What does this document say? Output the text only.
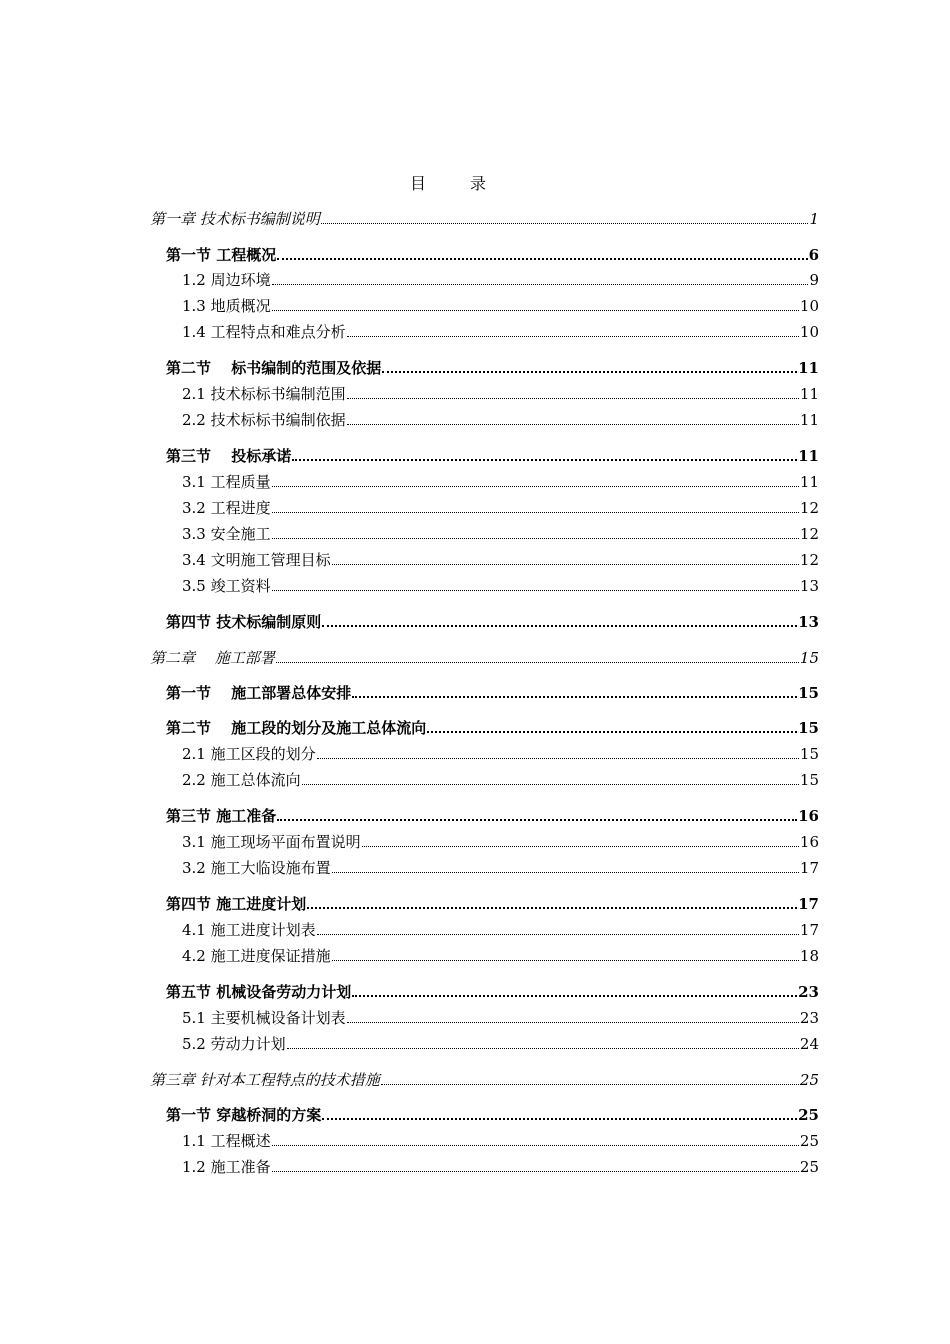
目　录
第一章 技术标书编制说明	1
第一节 工程概况	6
1.2 周边环境	9
1.3 地质概况	10
1.4 工程特点和难点分析	10
第二节　 标书编制的范围及依据	11
2.1 技术标标书编制范围	11
2.2 技术标标书编制依据	11
第三节　 投标承诺	11
3.1 工程质量	11
3.2 工程进度	12
3.3 安全施工	12
3.4 文明施工管理目标	12
3.5 竣工资料	13
第四节 技术标编制原则	13
第二章　 施工部署	15
第一节　 施工部署总体安排	15
第二节　 施工段的划分及施工总体流向	15
2.1 施工区段的划分	15
2.2 施工总体流向	15
第三节 施工准备	16
3.1 施工现场平面布置说明	16
3.2 施工大临设施布置	17
第四节 施工进度计划	17
4.1 施工进度计划表	17
4.2 施工进度保证措施	18
第五节 机械设备劳动力计划	23
5.1 主要机械设备计划表	23
5.2 劳动力计划	24
第三章 针对本工程特点的技术措施	25
第一节 穿越桥洞的方案	25
1.1 工程概述	25
1.2 施工准备	25
